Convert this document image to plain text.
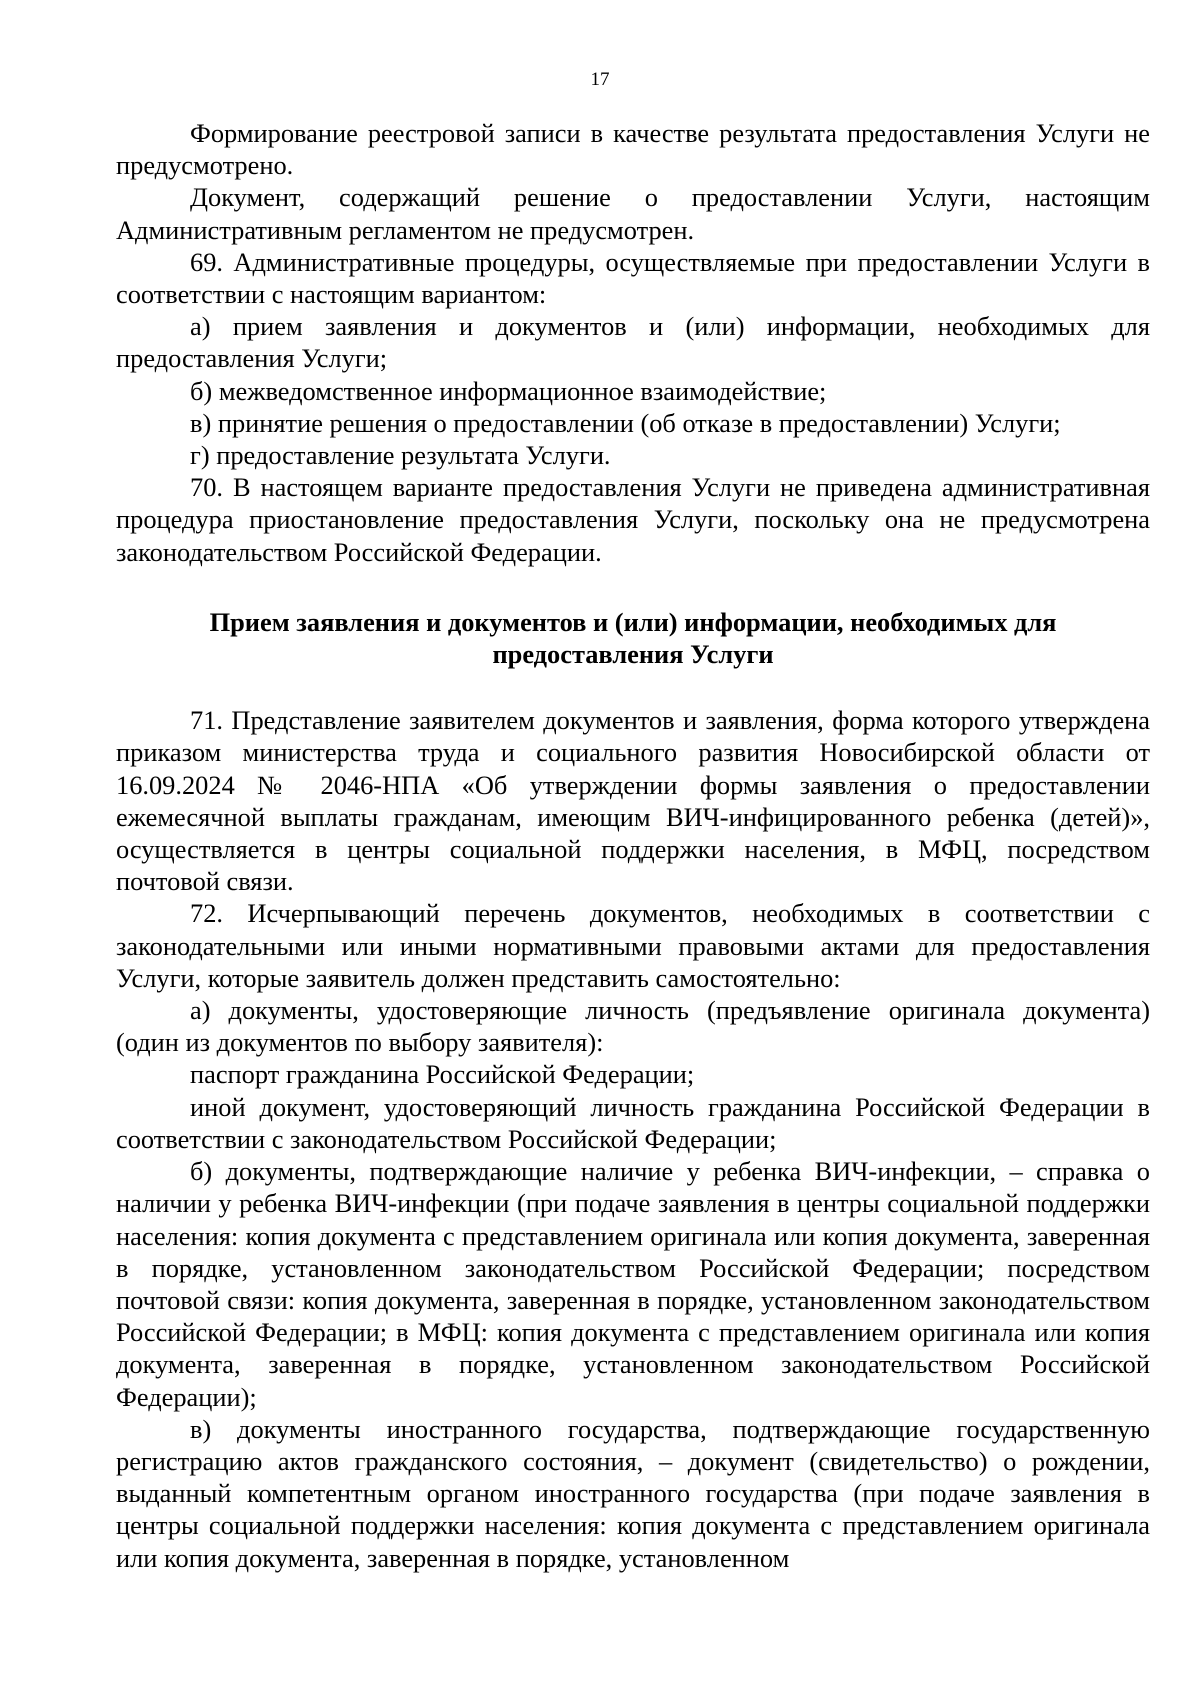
17

Формирование реестровой записи в качестве результата предоставления Услуги не предусмотрено.

Документ, содержащий решение о предоставлении Услуги, настоящим Административным регламентом не предусмотрен.

69. Административные процедуры, осуществляемые при предоставлении Услуги в соответствии с настоящим вариантом:

а) прием заявления и документов и (или) информации, необходимых для предоставления Услуги;

б) межведомственное информационное взаимодействие;

в) принятие решения о предоставлении (об отказе в предоставлении) Услуги;

г) предоставление результата Услуги.

70. В настоящем варианте предоставления Услуги не приведена административная процедура приостановление предоставления Услуги, поскольку она не предусмотрена законодательством Российской Федерации.

Прием заявления и документов и (или) информации, необходимых для предоставления Услуги

71. Представление заявителем документов и заявления, форма которого утверждена приказом министерства труда и социального развития Новосибирской области от 16.09.2024 № 2046-НПА «Об утверждении формы заявления о предоставлении ежемесячной выплаты гражданам, имеющим ВИЧ-инфицированного ребенка (детей)», осуществляется в центры социальной поддержки населения, в МФЦ, посредством почтовой связи.

72. Исчерпывающий перечень документов, необходимых в соответствии с законодательными или иными нормативными правовыми актами для предоставления Услуги, которые заявитель должен представить самостоятельно:

а) документы, удостоверяющие личность (предъявление оригинала документа) (один из документов по выбору заявителя):

паспорт гражданина Российской Федерации;

иной документ, удостоверяющий личность гражданина Российской Федерации в соответствии с законодательством Российской Федерации;

б) документы, подтверждающие наличие у ребенка ВИЧ-инфекции, – справка о наличии у ребенка ВИЧ-инфекции (при подаче заявления в центры социальной поддержки населения: копия документа с представлением оригинала или копия документа, заверенная в порядке, установленном законодательством Российской Федерации; посредством почтовой связи: копия документа, заверенная в порядке, установленном законодательством Российской Федерации; в МФЦ: копия документа с представлением оригинала или копия документа, заверенная в порядке, установленном законодательством Российской Федерации);

в) документы иностранного государства, подтверждающие государственную регистрацию актов гражданского состояния, – документ (свидетельство) о рождении, выданный компетентным органом иностранного государства (при подаче заявления в центры социальной поддержки населения: копия документа с представлением оригинала или копия документа, заверенная в порядке, установленном
